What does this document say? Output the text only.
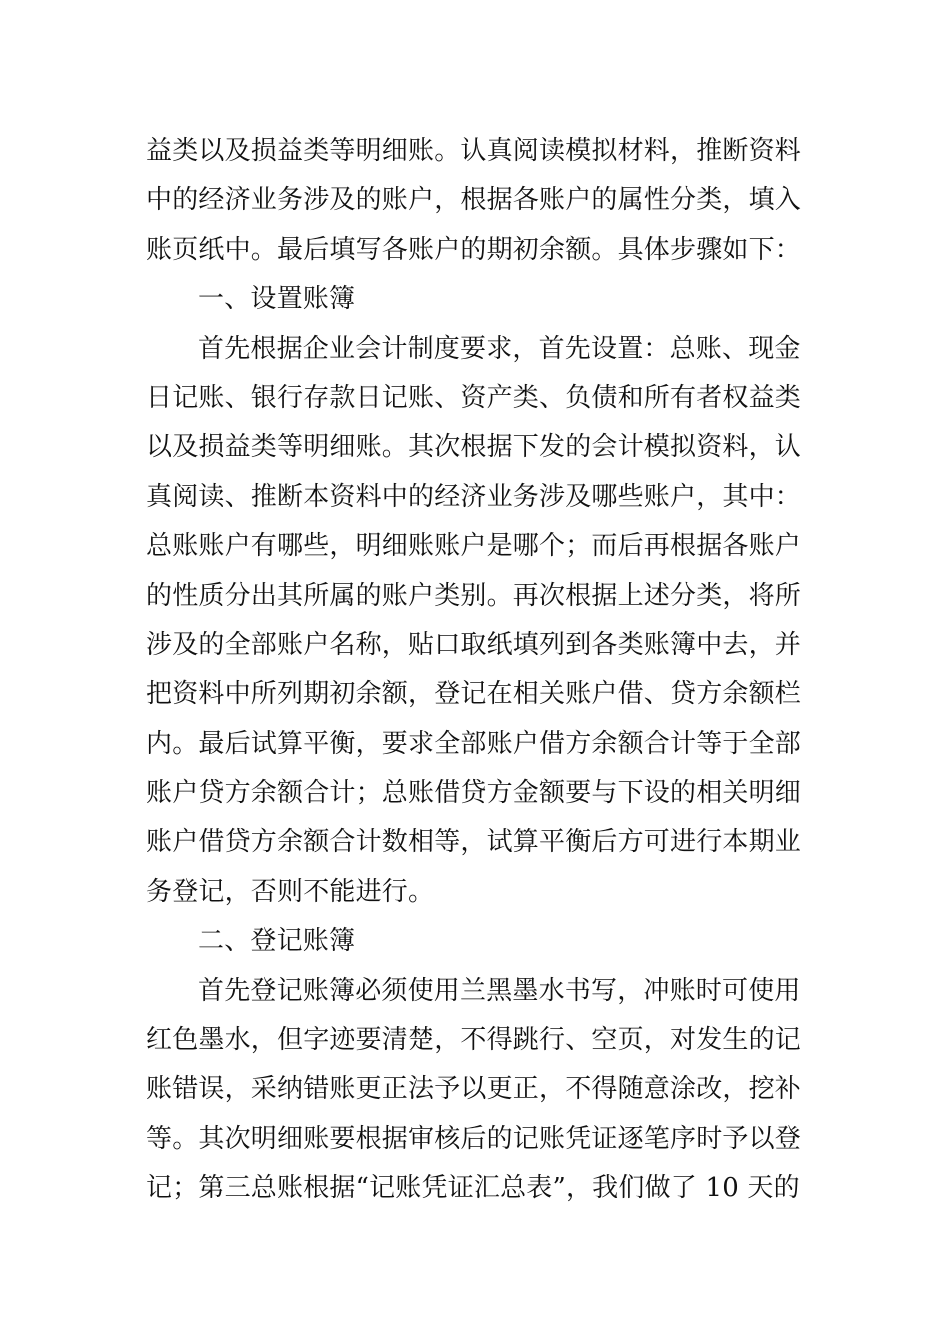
益类以及损益类等明细账。认真阅读模拟材料，推断资料
中的经济业务涉及的账户，根据各账户的属性分类，填入
账页纸中。最后填写各账户的期初余额。具体步骤如下：
一、设置账簿
首先根据企业会计制度要求，首先设置：总账、现金
日记账、银行存款日记账、资产类、负债和所有者权益类
以及损益类等明细账。其次根据下发的会计模拟资料，认
真阅读、推断本资料中的经济业务涉及哪些账户，其中：
总账账户有哪些，明细账账户是哪个；而后再根据各账户
的性质分出其所属的账户类别。再次根据上述分类，将所
涉及的全部账户名称，贴口取纸填列到各类账簿中去，并
把资料中所列期初余额，登记在相关账户借、贷方余额栏
内。最后试算平衡，要求全部账户借方余额合计等于全部
账户贷方余额合计；总账借贷方金额要与下设的相关明细
账户借贷方余额合计数相等，试算平衡后方可进行本期业
务登记，否则不能进行。
二、登记账簿
首先登记账簿必须使用兰黑墨水书写，冲账时可使用
红色墨水，但字迹要清楚，不得跳行、空页，对发生的记
账错误，采纳错账更正法予以更正，不得随意涂改，挖补
等。其次明细账要根据审核后的记账凭证逐笔序时予以登
记；第三总账根据“记账凭证汇总表”，我们做了 10 天的
